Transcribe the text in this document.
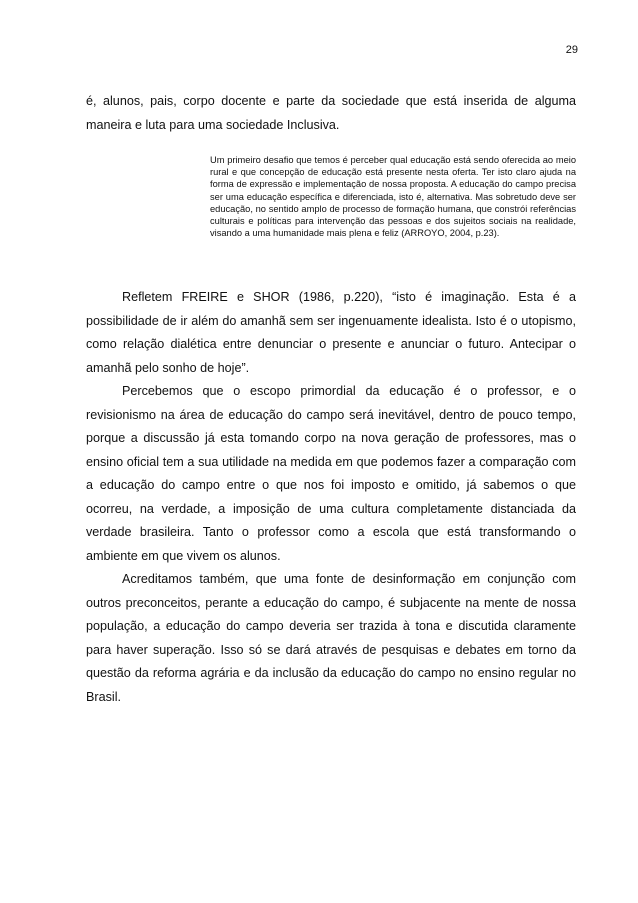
29

é, alunos, pais, corpo docente e parte da sociedade que está inserida de alguma maneira e luta para uma sociedade Inclusiva.

Um primeiro desafio que temos é perceber qual educação está sendo oferecida ao meio rural e que concepção de educação está presente nesta oferta. Ter isto claro ajuda na forma de expressão e implementação de nossa proposta. A educação do campo precisa ser uma educação específica e diferenciada, isto é, alternativa. Mas sobretudo deve ser educação, no sentido amplo de processo de formação humana, que constrói referências culturais e políticas para intervenção das pessoas e dos sujeitos sociais na realidade, visando a uma humanidade mais plena e feliz (ARROYO, 2004, p.23).

Refletem FREIRE e SHOR (1986, p.220), “isto é imaginação. Esta é a possibilidade de ir além do amanhã sem ser ingenuamente idealista. Isto é o utopismo, como relação dialética entre denunciar o presente e anunciar o futuro. Antecipar o amanhã pelo sonho de hoje”.

Percebemos que o escopo primordial da educação é o professor, e o revisionismo na área de educação do campo será inevitável, dentro de pouco tempo, porque a discussão já esta tomando corpo na nova geração de professores, mas o ensino oficial tem a sua utilidade na medida em que podemos fazer a comparação com a educação do campo entre o que nos foi imposto e omitido, já sabemos o que ocorreu, na verdade, a imposição de uma cultura completamente distanciada da verdade brasileira. Tanto o professor como a escola que está transformando o ambiente em que vivem os alunos.

Acreditamos também, que uma fonte de desinformação em conjunção com outros preconceitos, perante a educação do campo, é subjacente na mente de nossa população, a educação do campo deveria ser trazida à tona e discutida claramente para haver superação. Isso só se dará através de pesquisas e debates em torno da questão da reforma agrária e da inclusão da educação do campo no ensino regular no Brasil.
